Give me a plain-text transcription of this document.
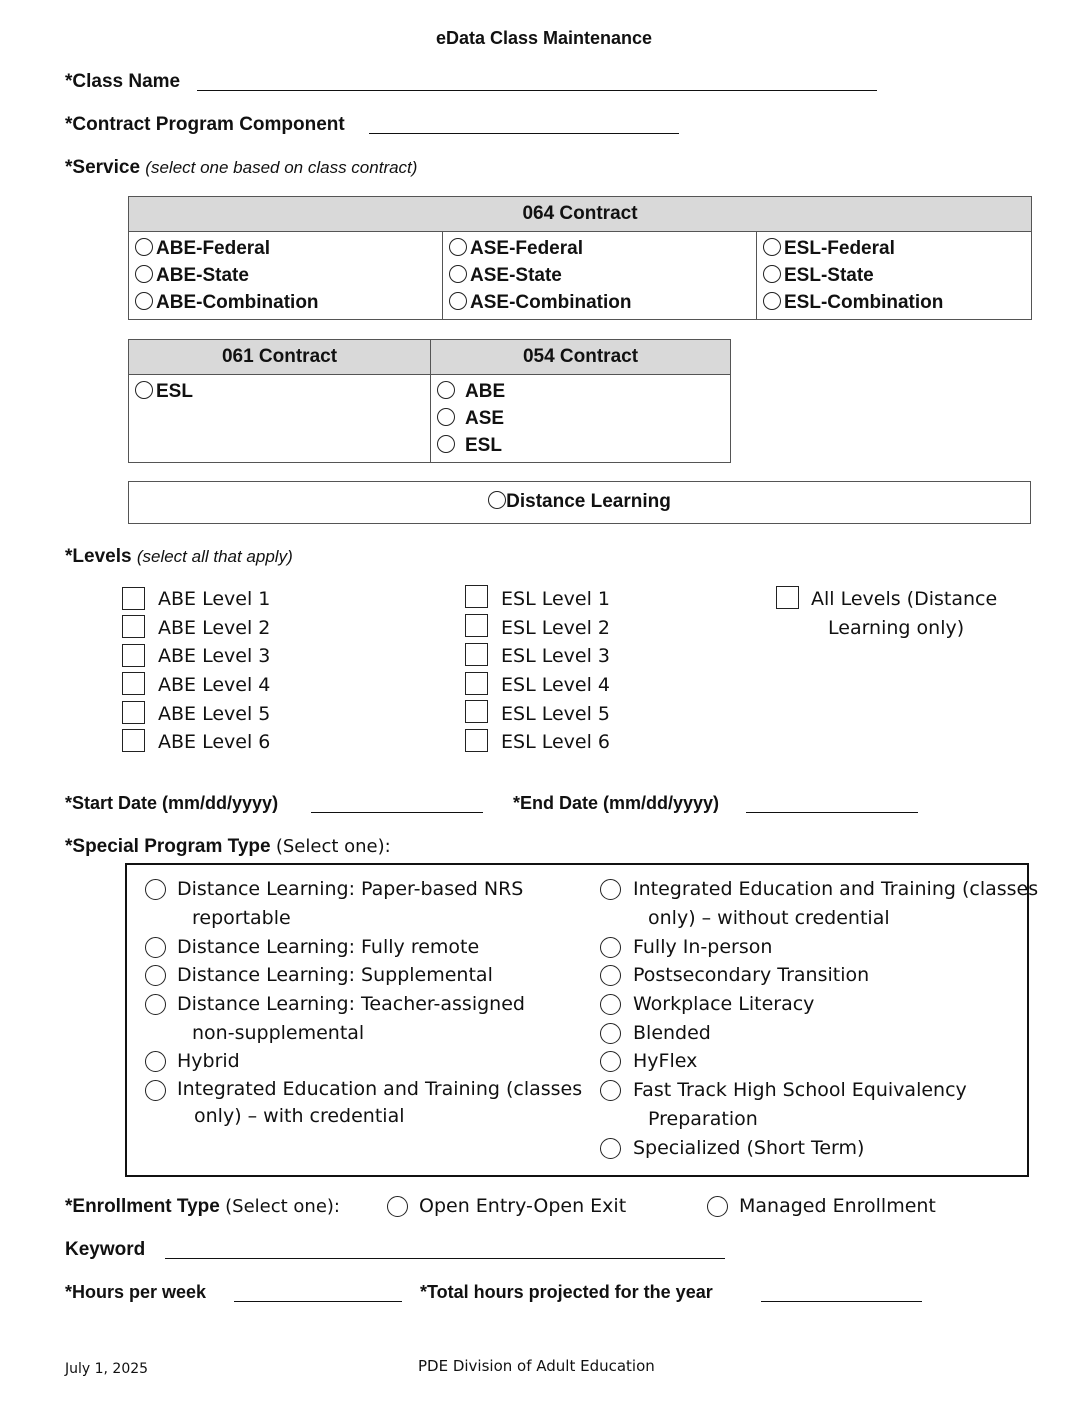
eData Class Maintenance
*Class Name
*Contract Program Component
*Service (select one based on class contract)
064 Contract

ABE-Federal
ABE-State
ABE-Combination

ASE-Federal
ASE-State
ASE-Combination

ESL-Federal
ESL-State
ESL-Combination
061 Contract	054 Contract

ESL	ABE
ASE
ESL
Distance Learning
*Levels (select all that apply)
ABE Level 1
ABE Level 2
ABE Level 3
ABE Level 4
ABE Level 5
ABE Level 6
ESL Level 1
ESL Level 2
ESL Level 3
ESL Level 4
ESL Level 5
ESL Level 6
All Levels (Distance
Learning only)
*Start Date (mm/dd/yyyy)	*End Date (mm/dd/yyyy)
*Special Program Type (Select one):
Distance Learning: Paper-based NRS
reportable
Distance Learning: Fully remote
Distance Learning: Supplemental
Distance Learning: Teacher-assigned
non-supplemental
Hybrid
Integrated Education and Training (classes
only) – with credential
Integrated Education and Training (classes
only) – without credential
Fully In-person
Postsecondary Transition
Workplace Literacy
Blended
HyFlex
Fast Track High School Equivalency
Preparation
Specialized (Short Term)
*Enrollment Type (Select one):	Open Entry-Open Exit	Managed Enrollment
Keyword
*Hours per week	*Total hours projected for the year
July 1, 2025	PDE Division of Adult Education
